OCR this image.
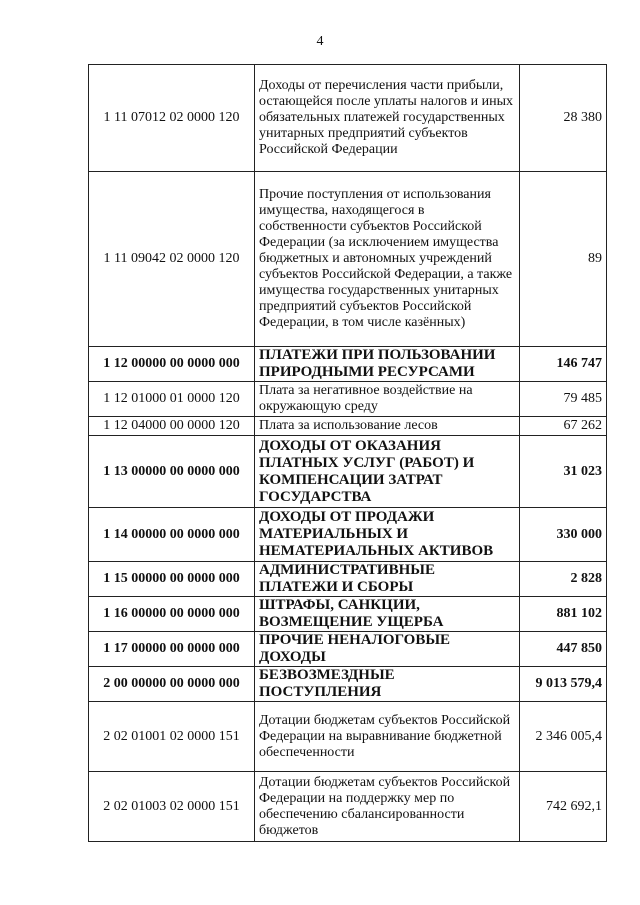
4
1 11 07012 02 0000 120	Доходы от перечисления части прибыли, остающейся после уплаты налогов и иных обязательных платежей государственных унитарных предприятий субъектов Российской Федерации	28 380
1 11 09042 02 0000 120	Прочие поступления от использования имущества, находящегося в собственности субъектов Российской Федерации (за исключением имущества бюджетных и автономных учреждений субъектов Российской Федерации, а также имущества государственных унитарных предприятий субъектов Российской Федерации, в том числе казённых)	89
1 12 00000 00 0000 000	ПЛАТЕЖИ ПРИ ПОЛЬЗОВАНИИ ПРИРОДНЫМИ РЕСУРСАМИ	146 747
1 12 01000 01 0000 120	Плата за негативное воздействие на окружающую среду	79 485
1 12 04000 00 0000 120	Плата за использование лесов	67 262
1 13 00000 00 0000 000	ДОХОДЫ ОТ ОКАЗАНИЯ ПЛАТНЫХ УСЛУГ (РАБОТ) И КОМПЕНСАЦИИ ЗАТРАТ ГОСУДАРСТВА	31 023
1 14 00000 00 0000 000	ДОХОДЫ ОТ ПРОДАЖИ МАТЕРИАЛЬНЫХ И НЕМАТЕРИАЛЬНЫХ АКТИВОВ	330 000
1 15 00000 00 0000 000	АДМИНИСТРАТИВНЫЕ ПЛАТЕЖИ И СБОРЫ	2 828
1 16 00000 00 0000 000	ШТРАФЫ, САНКЦИИ, ВОЗМЕЩЕНИЕ УЩЕРБА	881 102
1 17 00000 00 0000 000	ПРОЧИЕ НЕНАЛОГОВЫЕ ДОХОДЫ	447 850
2 00 00000 00 0000 000	БЕЗВОЗМЕЗДНЫЕ ПОСТУПЛЕНИЯ	9 013 579,4
2 02 01001 02 0000 151	Дотации бюджетам субъектов Российской Федерации на выравнивание бюджетной обеспеченности	2 346 005,4
2 02 01003 02 0000 151	Дотации бюджетам субъектов Российской Федерации на поддержку мер по обеспечению сбалансированности бюджетов	742 692,1
